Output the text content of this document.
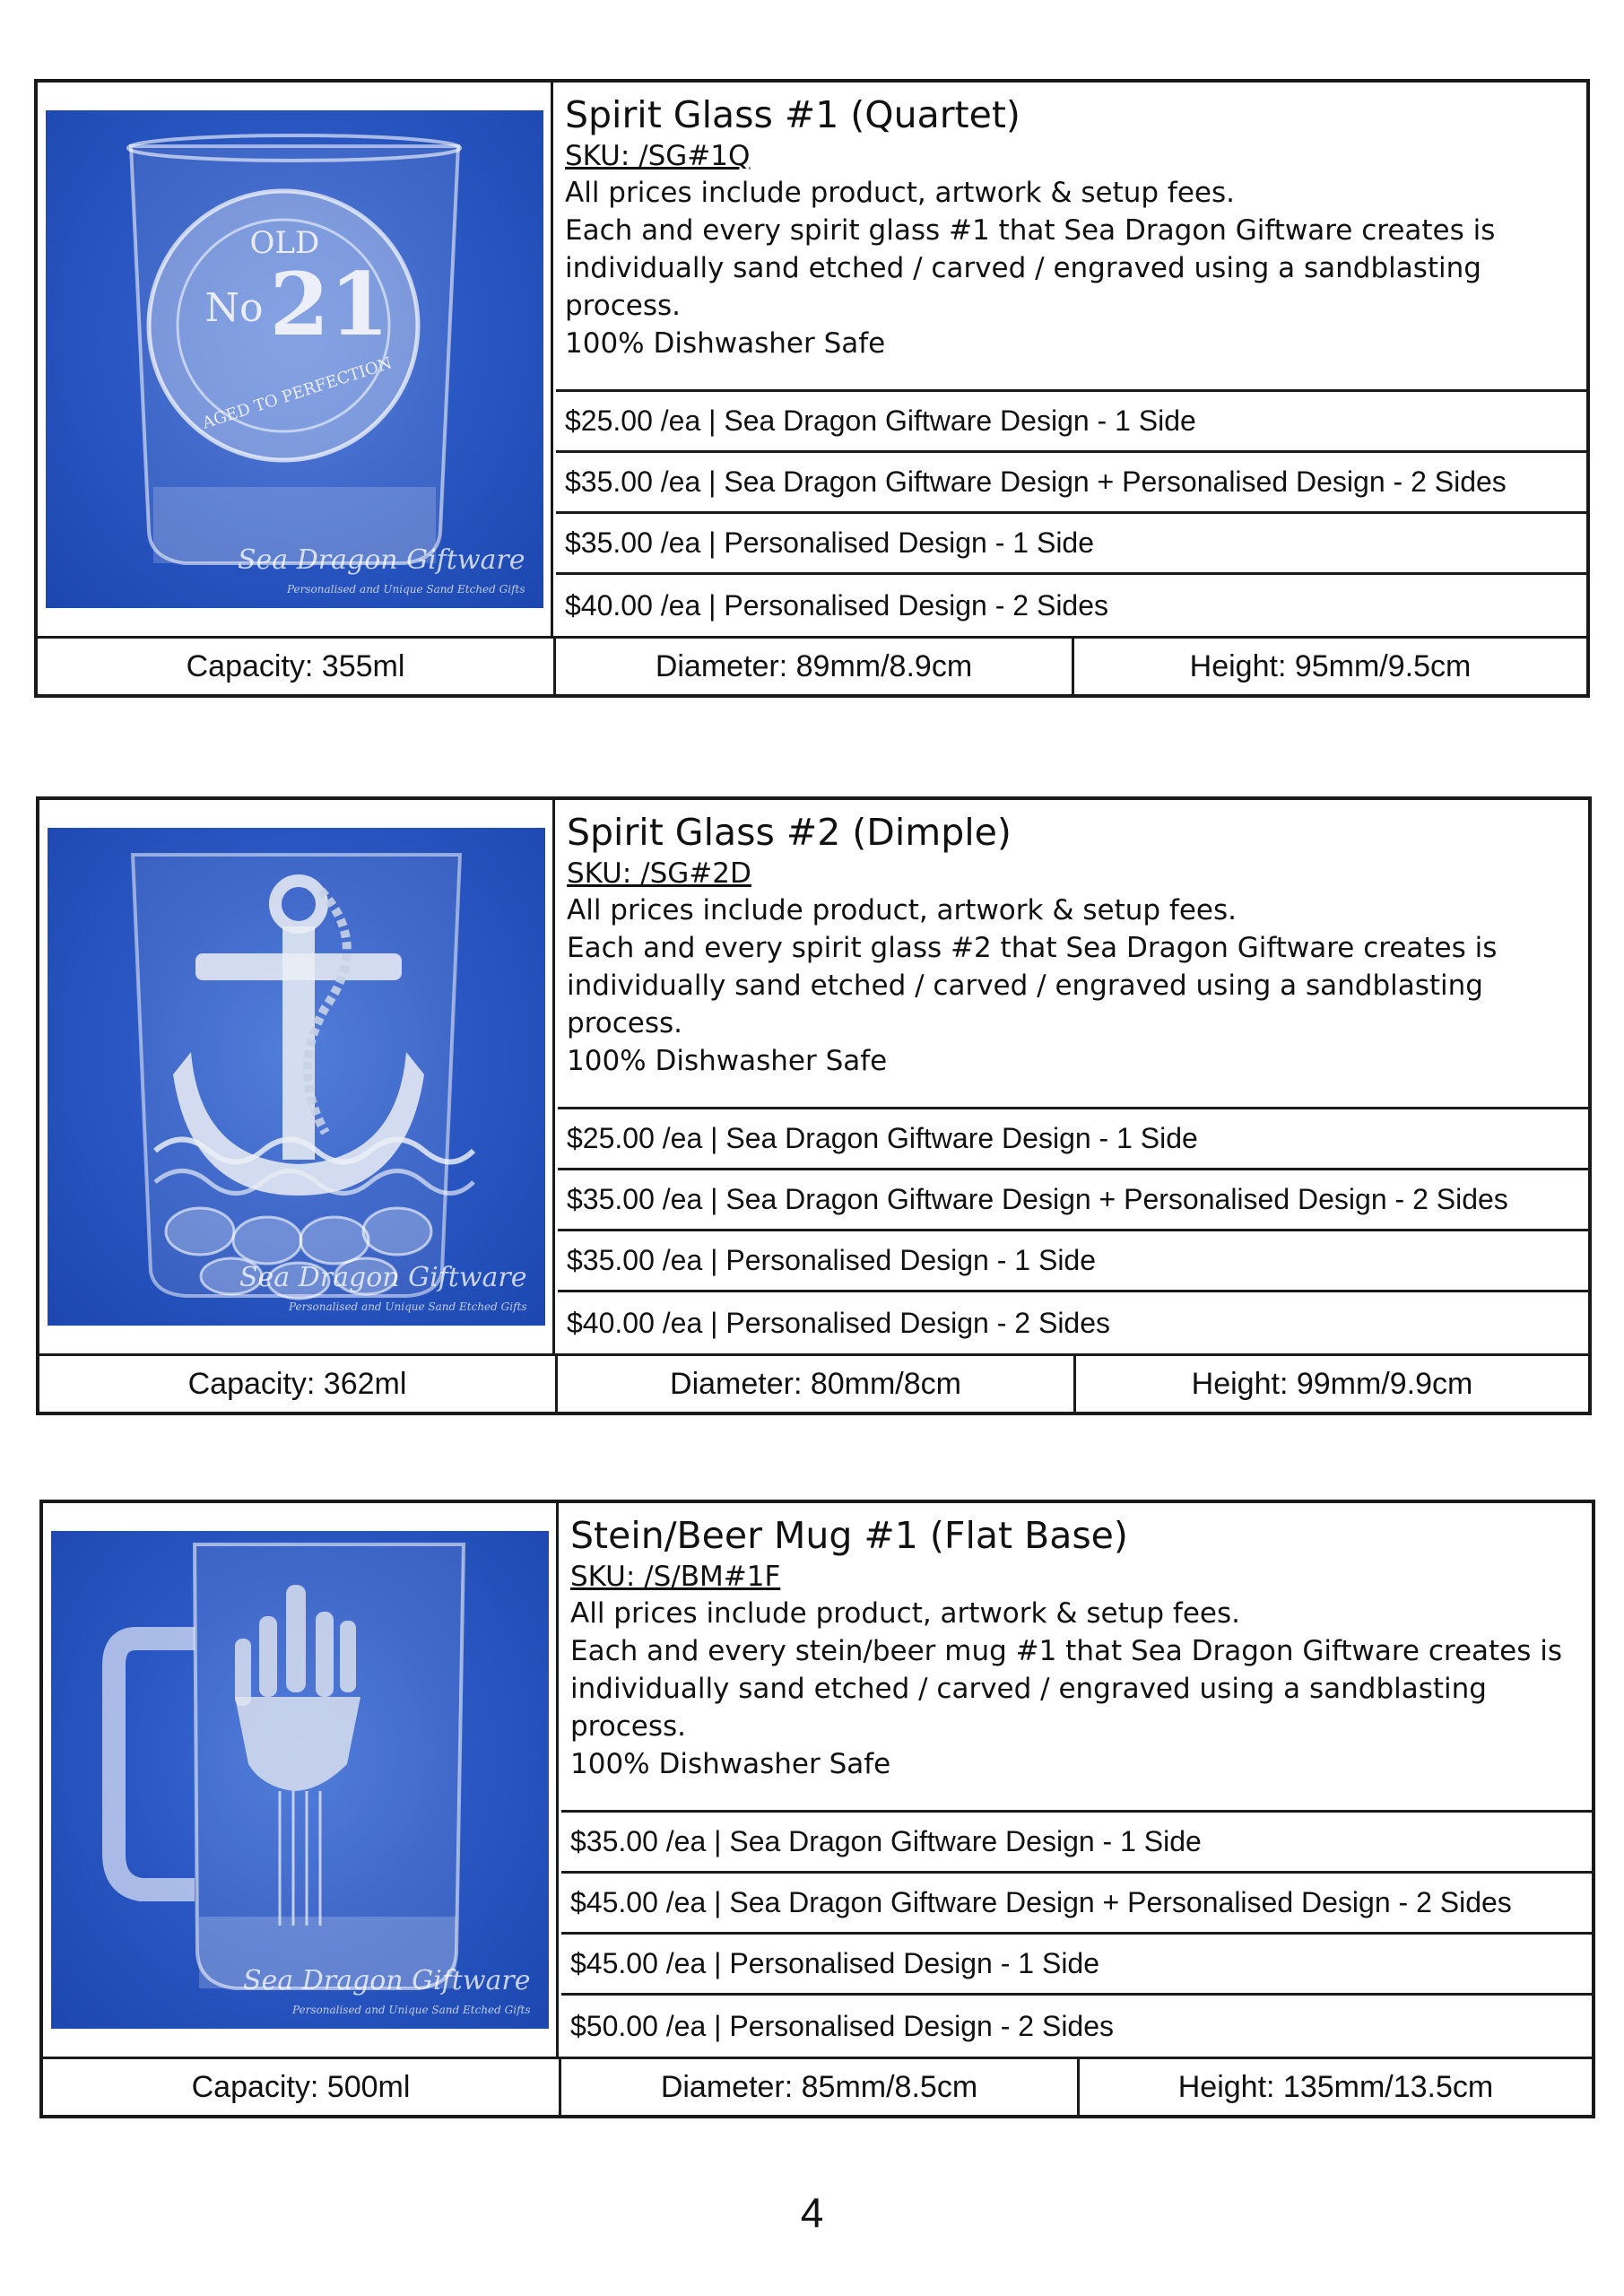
OLD
No 21
AGED TO PERFECTION
Sea Dragon Giftware
Personalised and Unique Sand Etched Gifts
Spirit Glass #1 (Quartet)
SKU: /SG#1Q

All prices include product, artwork & setup fees.

Each and every spirit glass #1 that Sea Dragon Giftware creates is individually sand etched / carved / engraved using a sandblasting process.

100% Dishwasher Safe

$25.00 /ea | Sea Dragon Giftware Design - 1 Side
$35.00 /ea | Sea Dragon Giftware Design + Personalised Design - 2 Sides
$35.00 /ea | Personalised Design - 1 Side
$40.00 /ea | Personalised Design - 2 Sides
Capacity: 355ml	Diameter: 89mm/8.9cm	Height: 95mm/9.5cm
Sea Dragon Giftware
Personalised and Unique Sand Etched Gifts
Spirit Glass #2 (Dimple)
SKU: /SG#2D

All prices include product, artwork & setup fees.

Each and every spirit glass #2 that Sea Dragon Giftware creates is individually sand etched / carved / engraved using a sandblasting process.

100% Dishwasher Safe

$25.00 /ea | Sea Dragon Giftware Design - 1 Side
$35.00 /ea | Sea Dragon Giftware Design + Personalised Design - 2 Sides
$35.00 /ea | Personalised Design - 1 Side
$40.00 /ea | Personalised Design - 2 Sides
Capacity: 362ml	Diameter: 80mm/8cm	Height: 99mm/9.9cm
Sea Dragon Giftware
Personalised and Unique Sand Etched Gifts
Stein/Beer Mug #1 (Flat Base)
SKU: /S/BM#1F

All prices include product, artwork & setup fees.

Each and every stein/beer mug #1 that Sea Dragon Giftware creates is individually sand etched / carved / engraved using a sandblasting process.

100% Dishwasher Safe

$35.00 /ea | Sea Dragon Giftware Design - 1 Side
$45.00 /ea | Sea Dragon Giftware Design + Personalised Design - 2 Sides
$45.00 /ea | Personalised Design - 1 Side
$50.00 /ea | Personalised Design - 2 Sides
Capacity: 500ml	Diameter: 85mm/8.5cm	Height: 135mm/13.5cm
4
